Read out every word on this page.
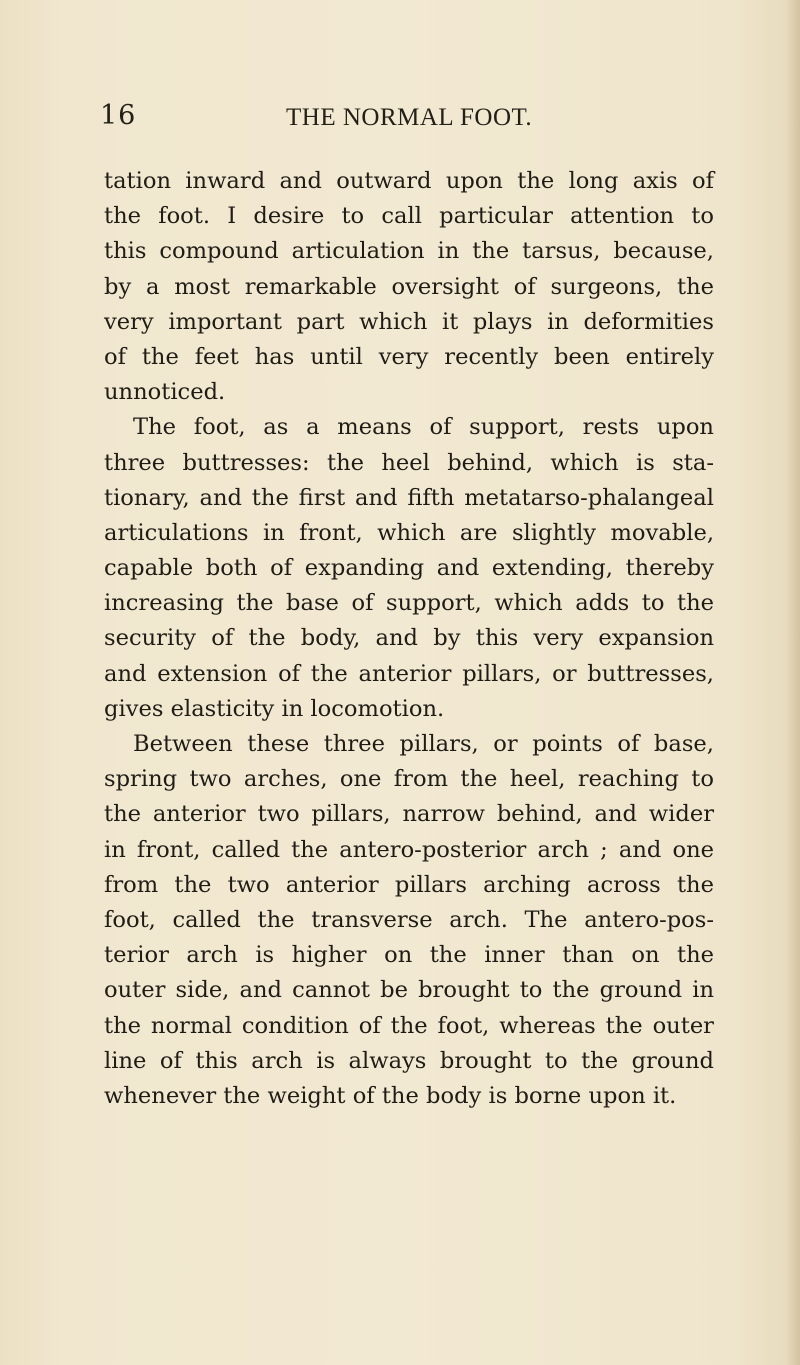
16	THE NORMAL FOOT.
tation inward and outward upon the long axis of
the foot. I desire to call particular attention to
this compound articulation in the tarsus, because,
by a most remarkable oversight of surgeons, the
very important part which it plays in deformities
of the feet has until very recently been entirely
unnoticed.
The foot, as a means of support, rests upon
three buttresses: the heel behind, which is sta-
tionary, and the first and fifth metatarso-phalangeal
articulations in front, which are slightly movable,
capable both of expanding and extending, thereby
increasing the base of support, which adds to the
security of the body, and by this very expansion
and extension of the anterior pillars, or buttresses,
gives elasticity in locomotion.
Between these three pillars, or points of base,
spring two arches, one from the heel, reaching to
the anterior two pillars, narrow behind, and wider
in front, called the antero-posterior arch ; and one
from the two anterior pillars arching across the
foot, called the transverse arch. The antero-pos-
terior arch is higher on the inner than on the
outer side, and cannot be brought to the ground in
the normal condition of the foot, whereas the outer
line of this arch is always brought to the ground
whenever the weight of the body is borne upon it.
